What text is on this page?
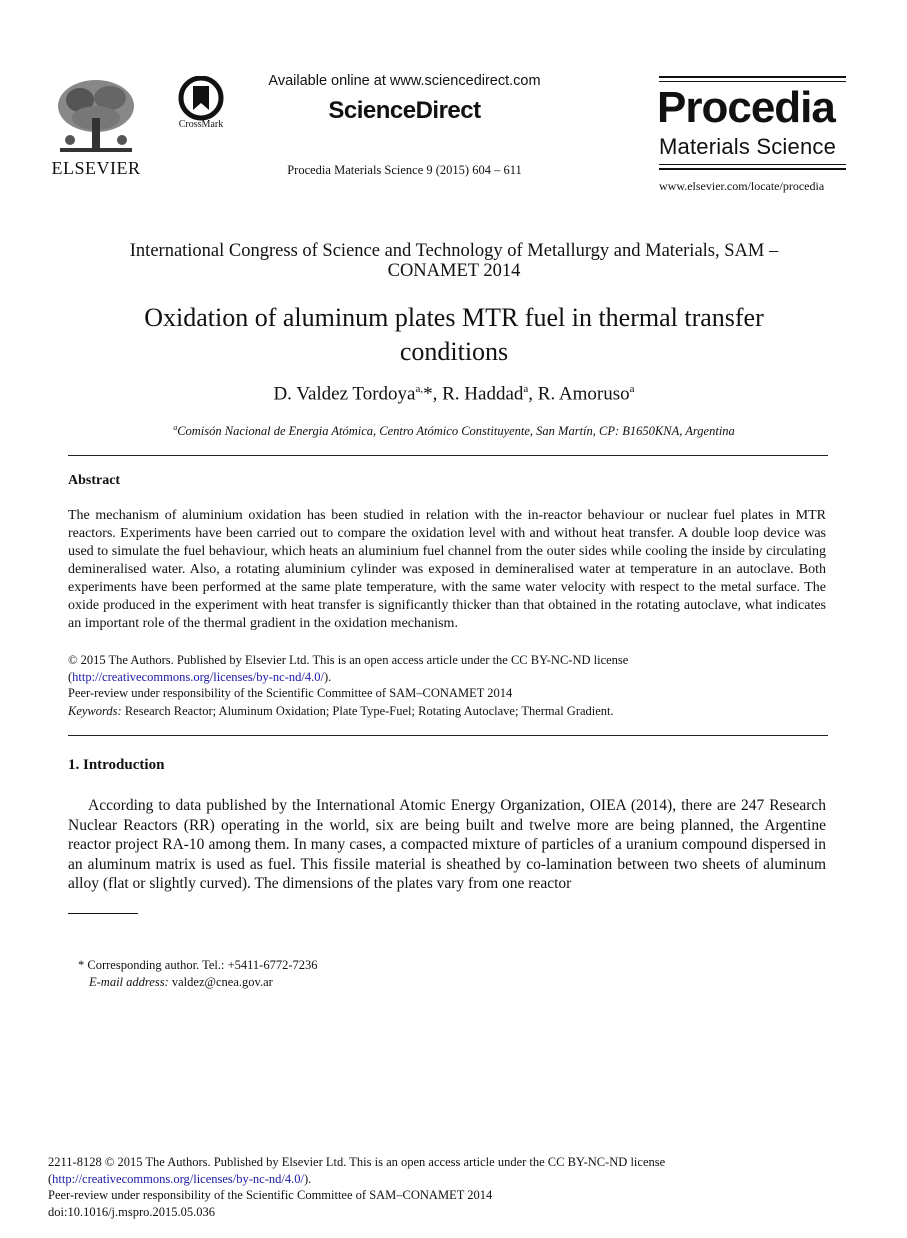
ELSEVIER
CrossMark
Available online at www.sciencedirect.com
ScienceDirect
Procedia Materials Science 9 (2015) 604 – 611
Procedia
Materials Science
www.elsevier.com/locate/procedia
International Congress of Science and Technology of Metallurgy and Materials, SAM –
CONAMET 2014
Oxidation of aluminum plates MTR fuel in thermal transfer
conditions
D. Valdez Tordoya$^{a,}$*, R. Haddad$^a$, R. Amoruso$^a$
$^a$Comisón Nacional de Energia Atómica, Centro Atómico Constituyente, San Martín, CP: B1650KNA, Argentina
Abstract
The mechanism of aluminium oxidation has been studied in relation with the in-reactor behaviour or nuclear fuel plates in MTR reactors. Experiments have been carried out to compare the oxidation level with and without heat transfer. A double loop device was used to simulate the fuel behaviour, which heats an aluminium fuel channel from the outer sides while cooling the inside by circulating demineralised water. Also, a rotating aluminium cylinder was exposed in demineralised water at temperature in an autoclave. Both experiments have been performed at the same plate temperature, with the same water velocity with respect to the metal surface. The oxide produced in the experiment with heat transfer is significantly thicker than that obtained in the rotating autoclave, what indicates an important role of the thermal gradient in the oxidation mechanism.
© 2015 The Authors. Published by Elsevier Ltd. This is an open access article under the CC BY-NC-ND license
(http://creativecommons.org/licenses/by-nc-nd/4.0/).
Peer-review under responsibility of the Scientific Committee of SAM–CONAMET 2014
Keywords: Research Reactor; Aluminum Oxidation; Plate Type-Fuel; Rotating Autoclave; Thermal Gradient.
1. Introduction
According to data published by the International Atomic Energy Organization, OIEA (2014), there are 247 Research Nuclear Reactors (RR) operating in the world, six are being built and twelve more are being planned, the Argentine reactor project RA-10 among them. In many cases, a compacted mixture of particles of a uranium compound dispersed in an aluminum matrix is used as fuel. This fissile material is sheathed by co-lamination between two sheets of aluminum alloy (flat or slightly curved). The dimensions of the plates vary from one reactor
* Corresponding author. Tel.: +5411-6772-7236
E-mail address: valdez@cnea.gov.ar
2211-8128 © 2015 The Authors. Published by Elsevier Ltd. This is an open access article under the CC BY-NC-ND license
(http://creativecommons.org/licenses/by-nc-nd/4.0/).
Peer-review under responsibility of the Scientific Committee of SAM–CONAMET 2014
doi:10.1016/j.mspro.2015.05.036
